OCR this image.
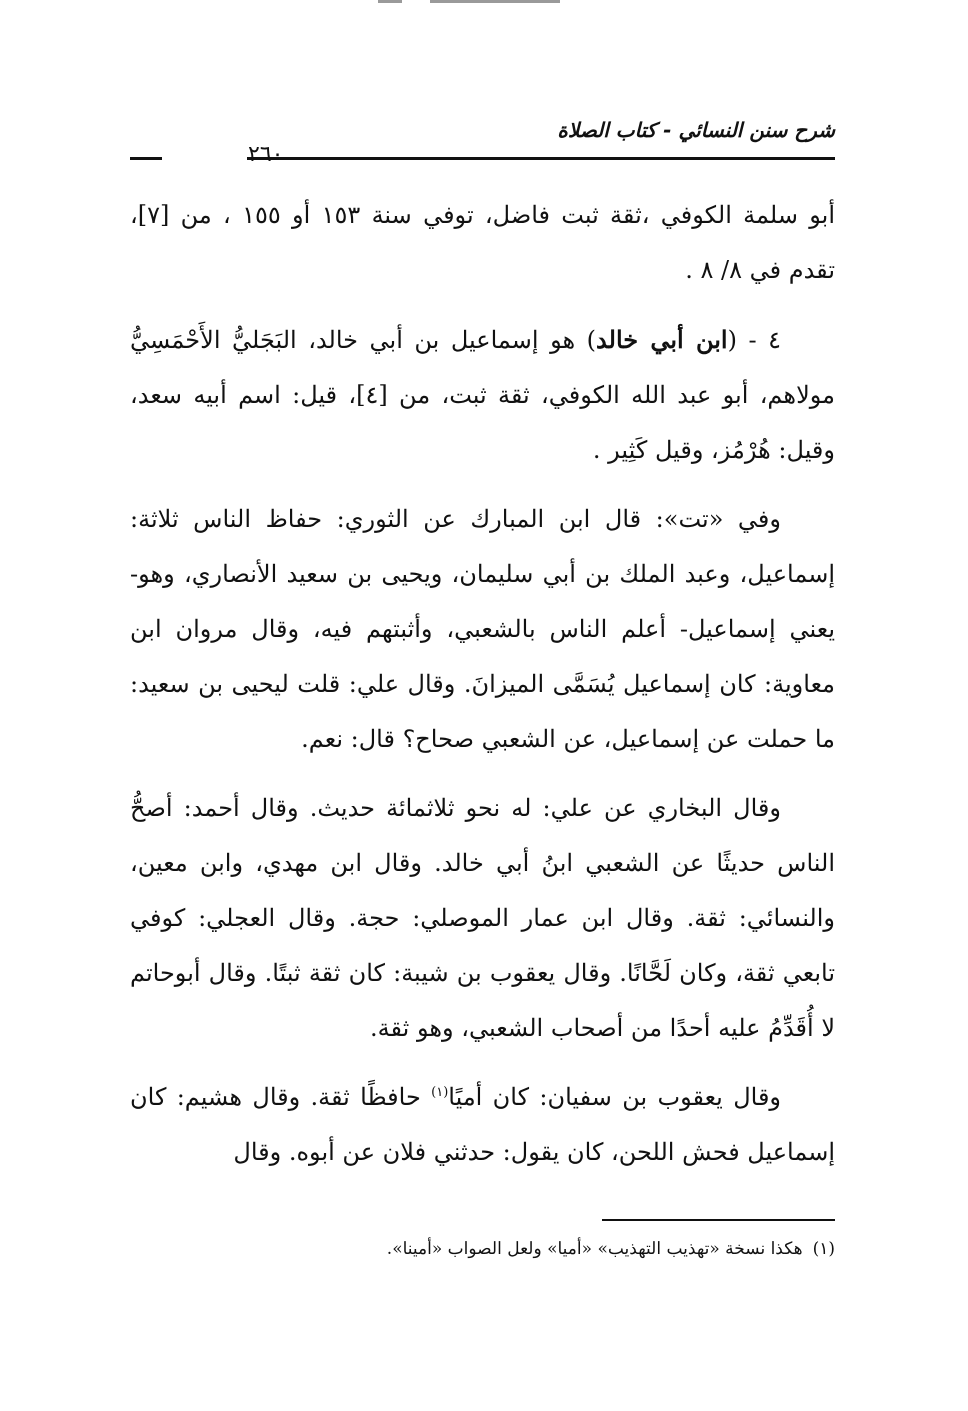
شرح سنن النسائي - كتاب الصلاة
٢٦٠

أبو سلمة الكوفي ،ثقة ثبت فاضل، توفي سنة ١٥٣ أو ١٥٥ ، من [٧]، تقدم في ٨/ ٨ .

٤ - (ابن أبي خالد) هو إسماعيل بن أبي خالد، البَجَليُّ الأَحْمَسِيُّ مولاهم، أبو عبد الله الكوفي، ثقة ثبت، من [٤]، قيل: اسم أبيه سعد، وقيل: هُرْمُز، وقيل كَثِير .

وفي «تت»: قال ابن المبارك عن الثوري: حفاظ الناس ثلاثة: إسماعيل، وعبد الملك بن أبي سليمان، ويحيى بن سعيد الأنصاري، وهو- يعني إسماعيل- أعلم الناس بالشعبي، وأثبتهم فيه، وقال مروان ابن معاوية: كان إسماعيل يُسَمَّى الميزانَ. وقال علي: قلت ليحيى بن سعيد: ما حملت عن إسماعيل، عن الشعبي صحاح؟ قال: نعم.

وقال البخاري عن علي: له نحو ثلاثمائة حديث. وقال أحمد: أصحُّ الناس حديثًا عن الشعبي ابنُ أبي خالد. وقال ابن مهدي، وابن معين، والنسائي: ثقة. وقال ابن عمار الموصلي: حجة. وقال العجلي: كوفي تابعي ثقة، وكان لَحَّانًا. وقال يعقوب بن شيبة: كان ثقة ثبتًا. وقال أبوحاتم لا أُقَدِّمُ عليه أحدًا من أصحاب الشعبي، وهو ثقة.

وقال يعقوب بن سفيان: كان أميًا$^{(١)}$ حافظًا ثقة. وقال هشيم: كان إسماعيل فحش اللحن، كان يقول: حدثني فلان عن أبوه. وقال

(١)هكذا نسخة «تهذيب التهذيب» «أميا» ولعل الصواب «أمينا».
